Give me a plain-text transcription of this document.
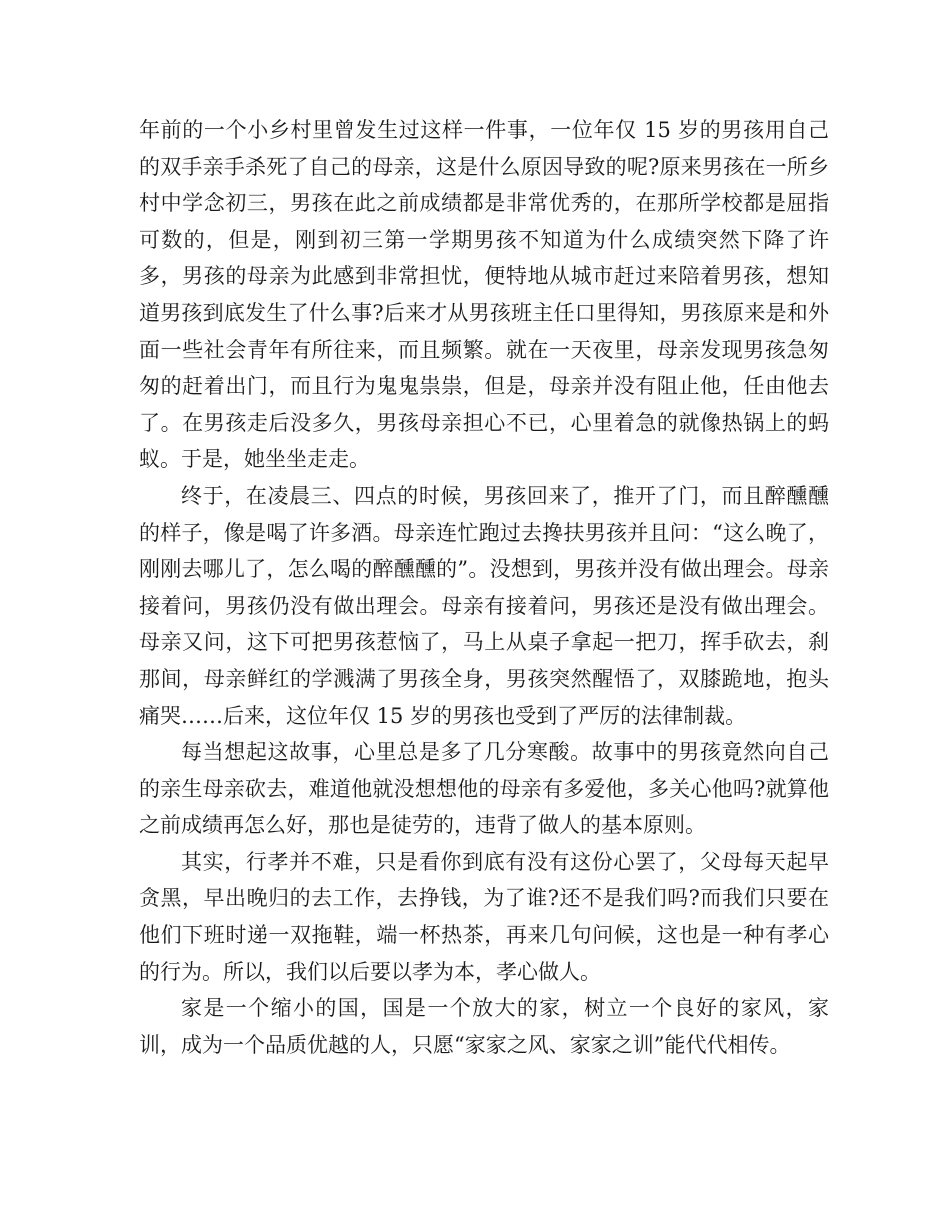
年前的一个小乡村里曾发生过这样一件事，一位年仅 15 岁的男孩用自己的双手亲手杀死了自己的母亲，这是什么原因导致的呢?原来男孩在一所乡村中学念初三，男孩在此之前成绩都是非常优秀的，在那所学校都是屈指可数的，但是，刚到初三第一学期男孩不知道为什么成绩突然下降了许多，男孩的母亲为此感到非常担忧，便特地从城市赶过来陪着男孩，想知道男孩到底发生了什么事?后来才从男孩班主任口里得知，男孩原来是和外面一些社会青年有所往来，而且频繁。就在一天夜里，母亲发现男孩急匆匆的赶着出门，而且行为鬼鬼祟祟，但是，母亲并没有阻止他，任由他去了。在男孩走后没多久，男孩母亲担心不已，心里着急的就像热锅上的蚂蚁。于是，她坐坐走走。

终于，在凌晨三、四点的时候，男孩回来了，推开了门，而且醉醺醺的样子，像是喝了许多酒。母亲连忙跑过去搀扶男孩并且问：“这么晚了，刚刚去哪儿了，怎么喝的醉醺醺的”。没想到，男孩并没有做出理会。母亲接着问，男孩仍没有做出理会。母亲有接着问，男孩还是没有做出理会。母亲又问，这下可把男孩惹恼了，马上从桌子拿起一把刀，挥手砍去，刹那间，母亲鲜红的学溅满了男孩全身，男孩突然醒悟了，双膝跪地，抱头痛哭……后来，这位年仅 15 岁的男孩也受到了严厉的法律制裁。

每当想起这故事，心里总是多了几分寒酸。故事中的男孩竟然向自己的亲生母亲砍去，难道他就没想想他的母亲有多爱他，多关心他吗?就算他之前成绩再怎么好，那也是徒劳的，违背了做人的基本原则。

其实，行孝并不难，只是看你到底有没有这份心罢了，父母每天起早贪黑，早出晚归的去工作，去挣钱，为了谁?还不是我们吗?而我们只要在他们下班时递一双拖鞋，端一杯热茶，再来几句问候，这也是一种有孝心的行为。所以，我们以后要以孝为本，孝心做人。

家是一个缩小的国，国是一个放大的家，树立一个良好的家风，家训，成为一个品质优越的人，只愿“家家之风、家家之训”能代代相传。
